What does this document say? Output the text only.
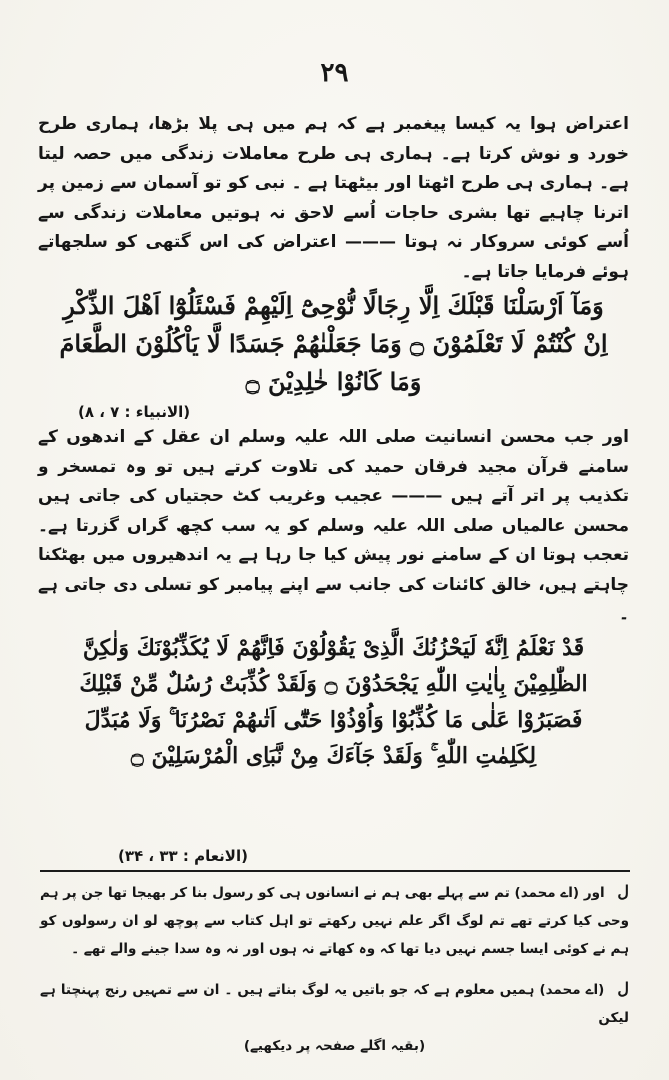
۲۹

اعتراض ہوا یہ کیسا پیغمبر ہے کہ ہم میں ہی پلا بڑھا، ہماری طرح خورد و نوش کرتا ہے۔ ہماری ہی طرح معاملات زندگی میں حصہ لیتا ہے۔ ہماری ہی طرح اٹھتا اور بیٹھتا ہے ۔ نبی کو تو آسمان سے زمین پر اترنا چاہیے تھا بشری حاجات اُسے لاحق نہ ہوتیں معاملات زندگی سے اُسے کوئی سروکار نہ ہوتا ——— اعتراض کی اس گتھی کو سلجھاتے ہوئے فرمایا جاتا ہے۔

وَمَآ اَرْسَلْنَا قَبْلَكَ اِلَّا رِجَالًا نُّوْحِیْٓ اِلَیْهِمْ فَسْئَلُوْٓا اَهْلَ الذِّكْرِ اِنْ كُنْتُمْ لَا تَعْلَمُوْنَ ۝ وَمَا جَعَلْنٰهُمْ جَسَدًا لَّا یَاْكُلُوْنَ الطَّعَامَ وَمَا كَانُوْا خٰلِدِیْنَ ۝
(الانبیاء : ۷ ، ۸)

اور جب محسن انسانیت صلی اللہ علیہ وسلم ان عقل کے اندھوں کے سامنے قرآن مجید فرقان حمید کی تلاوت کرتے ہیں تو وہ تمسخر و تکذیب پر اتر آتے ہیں ——— عجیب وغریب کٹ حجتیاں کی جاتی ہیں محسن عالمیاں صلی اللہ علیہ وسلم کو یہ سب کچھ گراں گزرتا ہے۔ تعجب ہوتا ان کے سامنے نور پیش کیا جا رہا ہے یہ اندھیروں میں بھٹکنا چاہتے ہیں، خالق کائنات کی جانب سے اپنے پیامبر کو تسلی دی جاتی ہے ۔

قَدْ نَعْلَمُ اِنَّهٗ لَیَحْزُنُكَ الَّذِیْ یَقُوْلُوْنَ فَاِنَّهُمْ لَا یُكَذِّبُوْنَكَ وَلٰكِنَّ الظّٰلِمِیْنَ بِاٰیٰتِ اللّٰهِ یَجْحَدُوْنَ ۝ وَلَقَدْ كُذِّبَتْ رُسُلٌ مِّنْ قَبْلِكَ فَصَبَرُوْا عَلٰى مَا كُذِّبُوْا وَاُوْذُوْا حَتّٰٓى اَتٰىهُمْ نَصْرُنَا ۚ وَلَا مُبَدِّلَ لِكَلِمٰتِ اللّٰهِ ۚ وَلَقَدْ جَآءَكَ مِنْ نَّبَاِی الْمُرْسَلِیْنَ ۝
(الانعام : ۳۳ ، ۳۴)

ل اور (اے محمد) تم سے پہلے بھی ہم نے انسانوں ہی کو رسول بنا کر بھیجا تھا جن پر ہم وحی کیا کرتے تھے تم لوگ اگر علم نہیں رکھتے تو اہل کتاب سے پوچھ لو ان رسولوں کو ہم نے کوئی ایسا جسم نہیں دیا تھا کہ وہ کھاتے نہ ہوں اور نہ وہ سدا جینے والے تھے ۔

ل (اے محمد) ہمیں معلوم ہے کہ جو باتیں یہ لوگ بناتے ہیں ۔ ان سے تمہیں رنج پہنچتا ہے لیکن

(بقیہ اگلے صفحہ پر دیکھیے)
